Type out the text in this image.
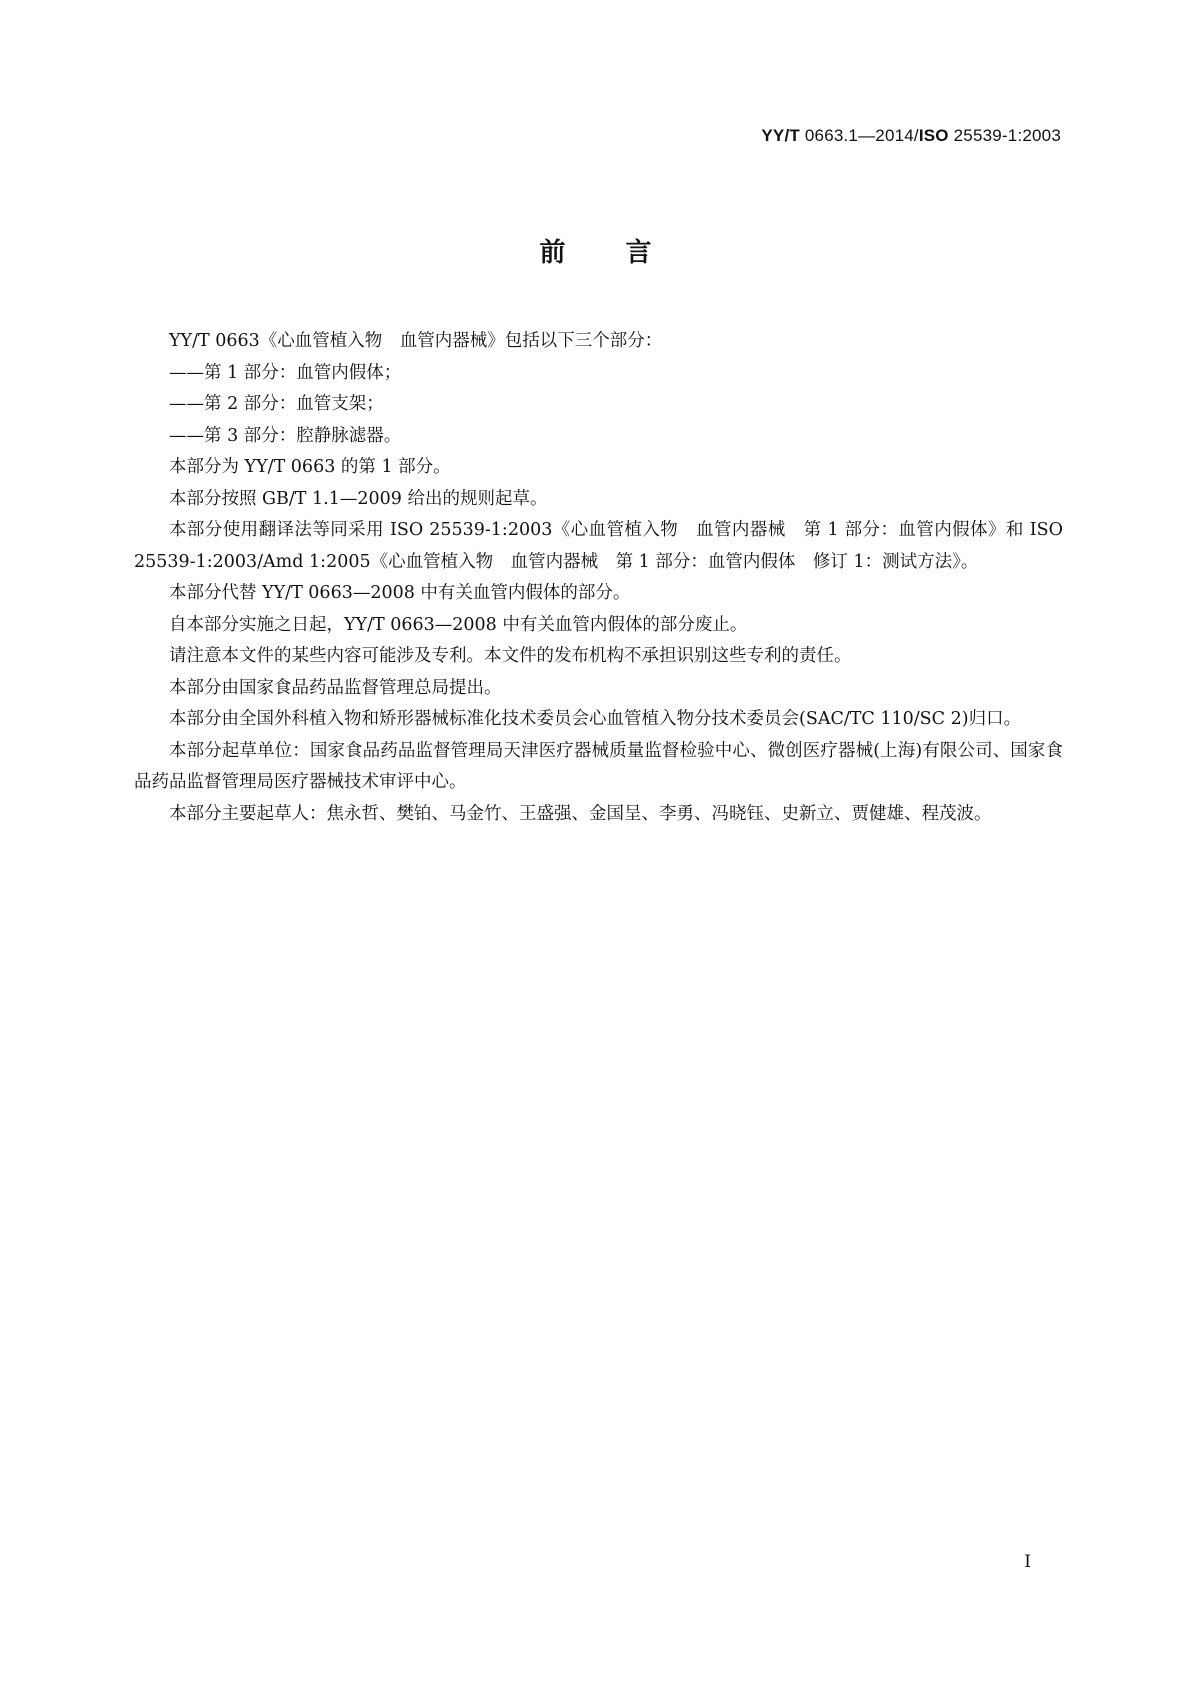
YY/T 0663.1—2014/ISO 25539-1:2003
前言

YY/T 0663《心血管植入物　血管内器械》包括以下三个部分：

——第 1 部分：血管内假体；

——第 2 部分：血管支架；

——第 3 部分：腔静脉滤器。

本部分为 YY/T 0663 的第 1 部分。

本部分按照 GB/T 1.1—2009 给出的规则起草。

本部分使用翻译法等同采用 ISO 25539-1:2003《心血管植入物　血管内器械　第 1 部分：血管内假体》和 ISO 25539-1:2003/Amd 1:2005《心血管植入物　血管内器械　第 1 部分：血管内假体　修订 1：测试方法》。

本部分代替 YY/T 0663—2008 中有关血管内假体的部分。

自本部分实施之日起，YY/T 0663—2008 中有关血管内假体的部分废止。

请注意本文件的某些内容可能涉及专利。本文件的发布机构不承担识别这些专利的责任。

本部分由国家食品药品监督管理总局提出。

本部分由全国外科植入物和矫形器械标准化技术委员会心血管植入物分技术委员会(SAC/TC 110/SC 2)归口。

本部分起草单位：国家食品药品监督管理局天津医疗器械质量监督检验中心、微创医疗器械(上海)有限公司、国家食品药品监督管理局医疗器械技术审评中心。

本部分主要起草人：焦永哲、樊铂、马金竹、王盛强、金国呈、李勇、冯晓钰、史新立、贾健雄、程茂波。

I
